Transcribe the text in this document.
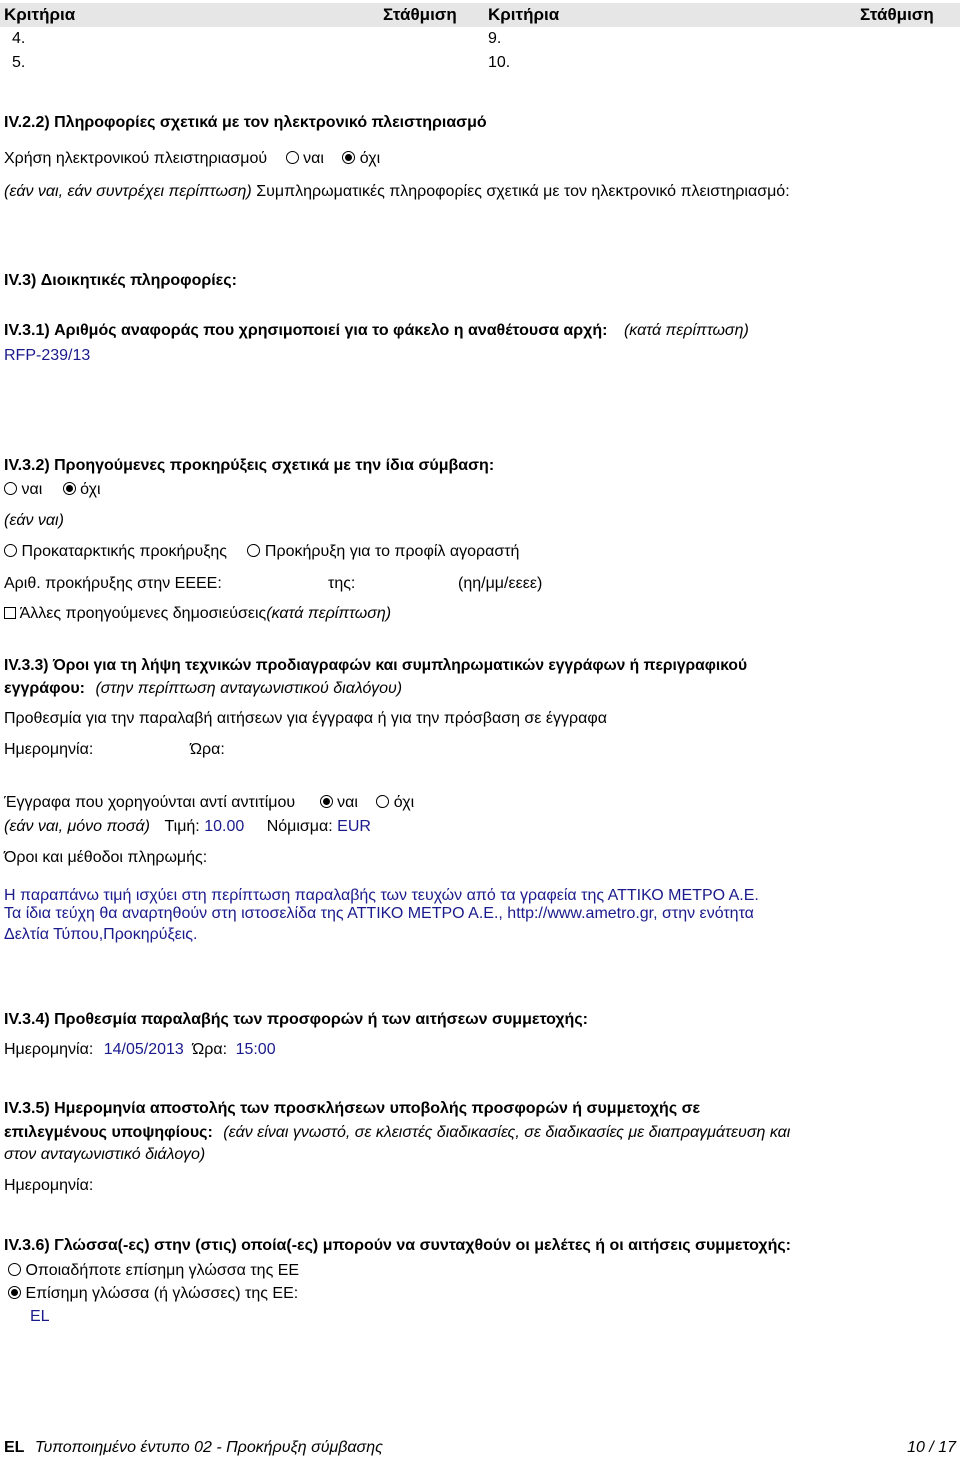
Κριτήρια	Στάθμιση Κριτήρια	Στάθμιση
4.	9.
5.	10.
IV.2.2) Πληροφορίες σχετικά με τον ηλεκτρονικό πλειστηριασμό
Χρήση ηλεκτρονικού πλειστηριασμού ναι όχι
(εάν ναι, εάν συντρέχει περίπτωση) Συμπληρωματικές πληροφορίες σχετικά με τον ηλεκτρονικό πλειστηριασμό:
IV.3) Διοικητικές πληροφορίες:
IV.3.1) Αριθμός αναφοράς που χρησιμοποιεί για το φάκελο η αναθέτουσα αρχή: (κατά περίπτωση)
RFP-239/13
IV.3.2) Προηγούμενες προκηρύξεις σχετικά με την ίδια σύμβαση:
ναι όχι
(εάν ναι)
Προκαταρκτικής προκήρυξης Προκήρυξη για το προφίλ αγοραστή
Αριθ. προκήρυξης στην ΕΕΕΕ:	της:	(ηη/μμ/εεεε)
Άλλες προηγούμενες δημοσιεύσεις(κατά περίπτωση)
IV.3.3) Όροι για τη λήψη τεχνικών προδιαγραφών και συμπληρωματικών εγγράφων ή περιγραφικού
εγγράφου: (στην περίπτωση ανταγωνιστικού διαλόγου)
Προθεσμία για την παραλαβή αιτήσεων για έγγραφα ή για την πρόσβαση σε έγγραφα
Ημερομηνία:	Ώρα:
Έγγραφα που χορηγούνται αντί αντιτίμου	ναι όχι
(εάν ναι, μόνο ποσά) Τιμή: 10.00 Νόμισμα: EUR
Όροι και μέθοδοι πληρωμής:
Η παραπάνω τιμή ισχύει στη περίπτωση παραλαβής των τευχών από τα γραφεία της ΑΤΤΙΚΟ ΜΕΤΡΟ Α.Ε.
Τα ίδια τεύχη θα αναρτηθούν στη ιστοσελίδα της ΑΤΤΙΚΟ ΜΕΤΡΟ Α.Ε., http://www.ametro.gr, στην ενότητα
Δελτία Τύπου,Προκηρύξεις.
IV.3.4) Προθεσμία παραλαβής των προσφορών ή των αιτήσεων συμμετοχής:
Ημερομηνία: 14/05/2013 Ώρα: 15:00
IV.3.5) Ημερομηνία αποστολής των προσκλήσεων υποβολής προσφορών ή συμμετοχής σε
επιλεγμένους υποψηφίους: (εάν είναι γνωστό, σε κλειστές διαδικασίες, σε διαδικασίες με διαπραγμάτευση και
στον ανταγωνιστικό διάλογο)
Ημερομηνία:
IV.3.6) Γλώσσα(-ες) στην (στις) οποία(-ες) μπορούν να συνταχθούν οι μελέτες ή οι αιτήσεις συμμετοχής:
Οποιαδήποτε επίσημη γλώσσα της ΕΕ
Επίσημη γλώσσα (ή γλώσσες) της ΕΕ:
EL
EL Τυποποιημένο έντυπο 02 - Προκήρυξη σύμβασης	10 / 17
